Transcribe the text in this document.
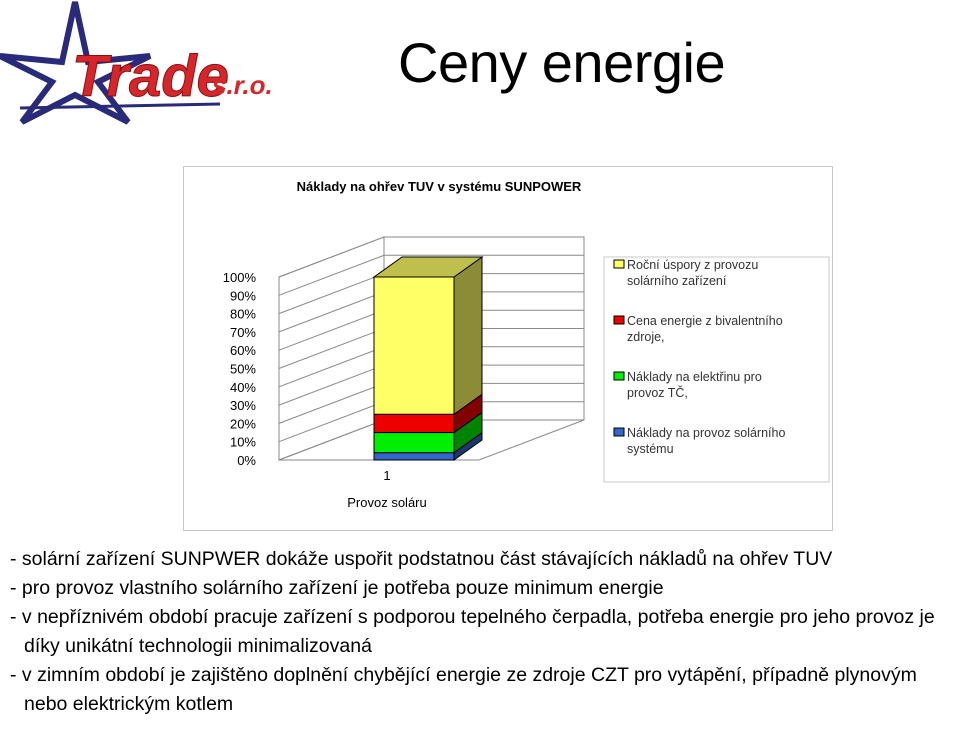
Trade
s.r.o. Ceny energie
Náklady na ohřev TUV v systému SUNPOWER
100%
90%
80%
70%
60%
50%
40%
30%
20%
10%
0%
1
Provoz soláru
Roční úspory z provozu
solárního zařízení
Cena energie z bivalentního
zdroje,
Náklady na elektřinu pro
provoz TČ,
Náklady na provoz solárního
systému
- solární zařízení SUNPWER dokáže uspořit podstatnou část stávajících nákladů na ohřev TUV
- pro provoz vlastního solárního zařízení je potřeba pouze minimum energie
- v nepříznivém období pracuje zařízení s podporou tepelného čerpadla, potřeba energie pro jeho provoz je díky unikátní technologii minimalizovaná
- v zimním období je zajištěno doplnění chybějící energie ze zdroje CZT pro vytápění, případně plynovým nebo elektrickým kotlem
